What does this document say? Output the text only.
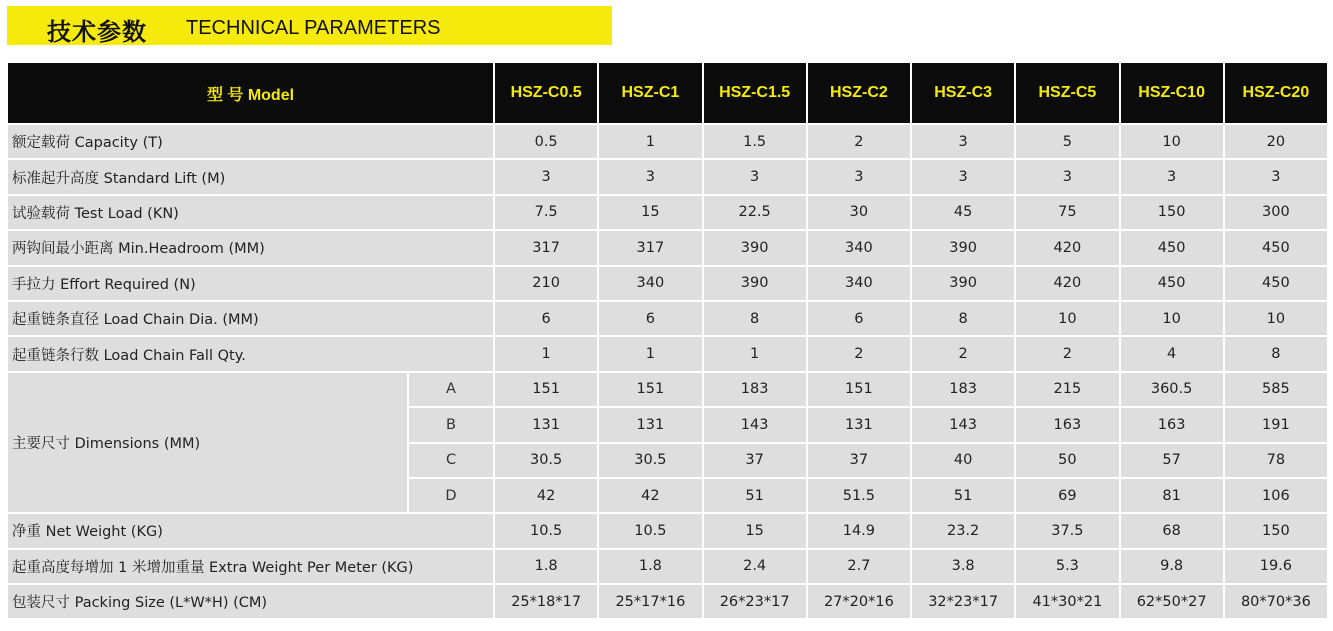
技术参数 TECHNICAL PARAMETERS
型 号 Model		HSZ-C0.5	HSZ-C1	HSZ-C1.5	HSZ-C2	HSZ-C3	HSZ-C5	HSZ-C10	HSZ-C20
额定载荷 Capacity (T)		0.5	1	1.5	2	3	5	10	20
标准起升高度 Standard Lift (M)		3	3	3	3	3	3	3	3
试验载荷 Test Load (KN)		7.5	15	22.5	30	45	75	150	300
两钩间最小距离 Min.Headroom (MM)		317	317	390	340	390	420	450	450
手拉力 Effort Required (N)		210	340	390	340	390	420	450	450
起重链条直径 Load Chain Dia. (MM)		6	6	8	6	8	10	10	10
起重链条行数 Load Chain Fall Qty.		1	1	1	2	2	2	4	8
主要尺寸 Dimensions (MM)	A	151	151	183	151	183	215	360.5	585
	B	131	131	143	131	143	163	163	191
	C	30.5	30.5	37	37	40	50	57	78
	D	42	42	51	51.5	51	69	81	106
净重 Net Weight (KG)		10.5	10.5	15	14.9	23.2	37.5	68	150
起重高度每增加 1 米增加重量 Extra Weight Per Meter (KG)		1.8	1.8	2.4	2.7	3.8	5.3	9.8	19.6
包装尺寸 Packing Size (L*W*H) (CM)		25*18*17	25*17*16	26*23*17	27*20*16	32*23*17	41*30*21	62*50*27	80*70*36
